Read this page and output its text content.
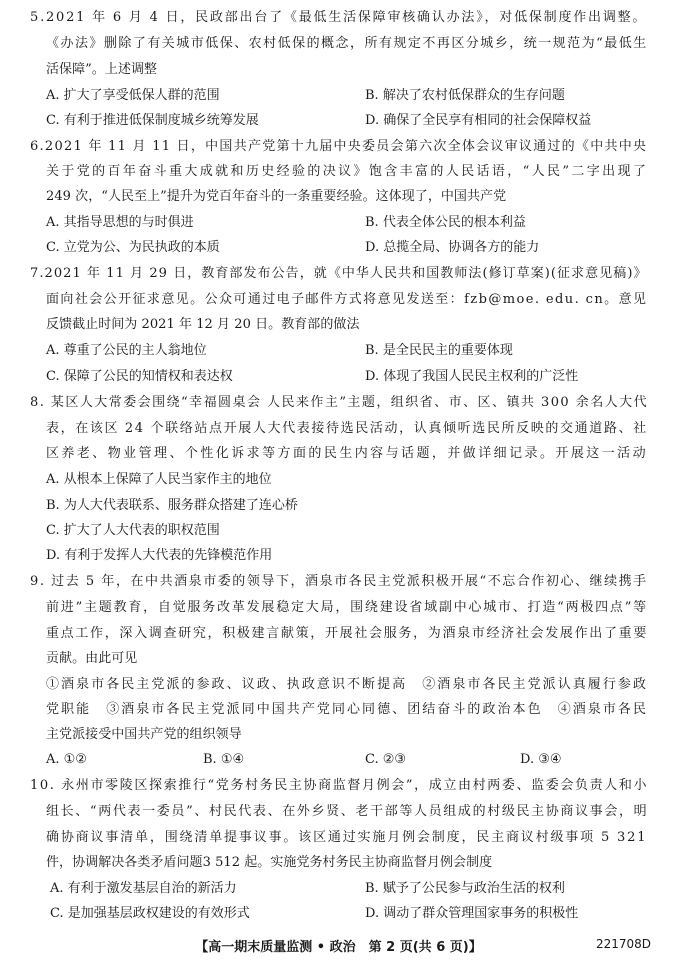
5.2021 年 6 月 4 日，民政部出台了《最低生活保障审核确认办法》，对低保制度作出调整。
《办法》删除了有关城市低保、农村低保的概念，所有规定不再区分城乡，统一规范为“最低生
活保障”。上述调整
A. 扩大了享受低保人群的范围	B. 解决了农村低保群众的生存问题
C. 有利于推进低保制度城乡统筹发展	D. 确保了全民享有相同的社会保障权益
6.2021 年 11 月 11 日，中国共产党第十九届中央委员会第六次全体会议审议通过的《中共中央
关于党的百年奋斗重大成就和历史经验的决议》饱含丰富的人民话语，“人民”二字出现了
249 次，“人民至上”提升为党百年奋斗的一条重要经验。这体现了，中国共产党
A. 其指导思想的与时俱进	B. 代表全体公民的根本利益
C. 立党为公、为民执政的本质	D. 总揽全局、协调各方的能力
7.2021 年 11 月 29 日，教育部发布公告，就《中华人民共和国教师法(修订草案)(征求意见稿)》
面向社会公开征求意见。公众可通过电子邮件方式将意见发送至：fzb@moe. edu. cn。意见
反馈截止时间为 2021 年 12 月 20 日。教育部的做法
A. 尊重了公民的主人翁地位	B. 是全民民主的重要体现
C. 保障了公民的知情权和表达权	D. 体现了我国人民民主权利的广泛性
8. 某区人大常委会围绕“幸福圆桌会 人民来作主”主题，组织省、市、区、镇共 300 余名人大代
表，在该区 24 个联络站点开展人大代表接待选民活动，认真倾听选民所反映的交通道路、社
区养老、物业管理、个性化诉求等方面的民生内容与话题，并做详细记录。开展这一活动
A. 从根本上保障了人民当家作主的地位
B. 为人大代表联系、服务群众搭建了连心桥
C. 扩大了人大代表的职权范围
D. 有利于发挥人大代表的先锋模范作用
9. 过去 5 年，在中共酒泉市委的领导下，酒泉市各民主党派积极开展“不忘合作初心、继续携手
前进”主题教育，自觉服务改革发展稳定大局，围绕建设省域副中心城市、打造“两极四点”等
重点工作，深入调查研究，积极建言献策，开展社会服务，为酒泉市经济社会发展作出了重要
贡献。由此可见
①酒泉市各民主党派的参政、议政、执政意识不断提高　②酒泉市各民主党派认真履行参政
党职能　③酒泉市各民主党派同中国共产党同心同德、团结奋斗的政治本色　④酒泉市各民
主党派接受中国共产党的组织领导
A. ①②	B. ①④	C. ②③	D. ③④
10. 永州市零陵区探索推行“党务村务民主协商监督月例会”，成立由村两委、监委会负责人和小
组长、“两代表一委员”、村民代表、在外乡贤、老干部等人员组成的村级民主协商议事会，明
确协商议事清单，围绕清单提事议事。该区通过实施月例会制度，民主商议村级事项 5 321
件，协调解决各类矛盾问题3 512 起。实施党务村务民主协商监督月例会制度
A. 有利于激发基层自治的新活力	B. 赋予了公民参与政治生活的权利
C. 是加强基层政权建设的有效形式	D. 调动了群众管理国家事务的积极性
【高一期末质量监测 • 政治　第 2 页(共 6 页)】	221708D
